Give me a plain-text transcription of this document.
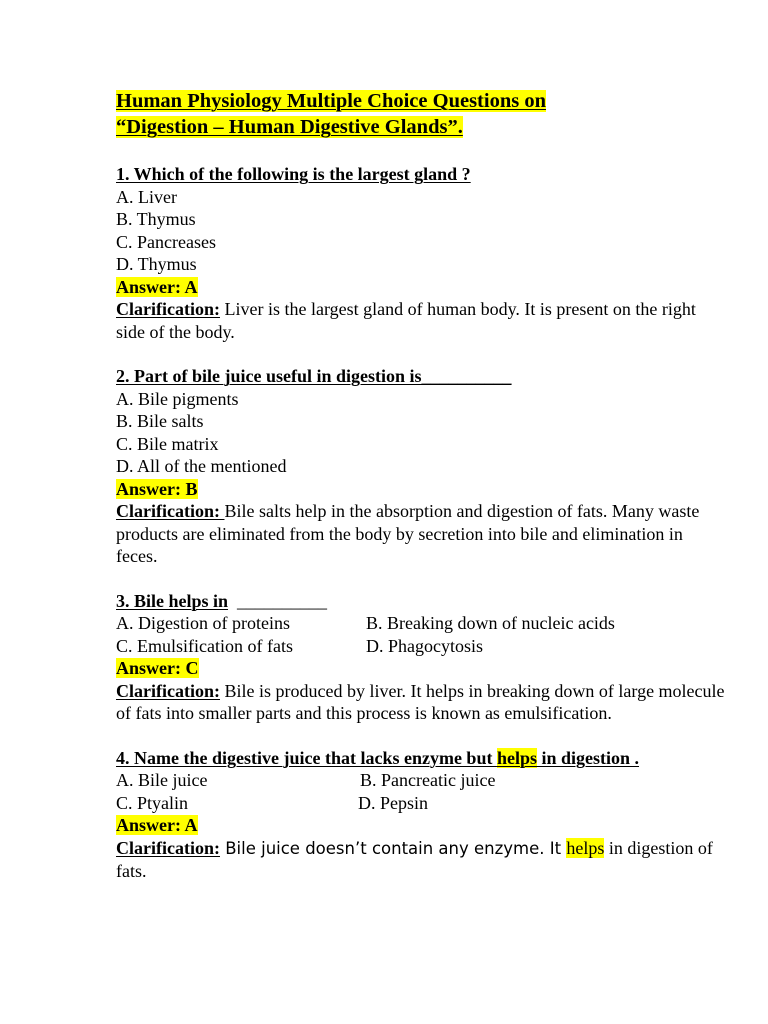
Human Physiology Multiple Choice Questions on
“Digestion – Human Digestive Glands”.
1. Which of the following is the largest gland ?
A. Liver
B. Thymus
C. Pancreases
D. Thymus
Answer: A
Clarification: Liver is the largest gland of human body. It is present on the right side of the body.
2. Part of bile juice useful in digestion is__________
A. Bile pigments
B. Bile salts
C. Bile matrix
D. All of the mentioned
Answer: B
Clarification: Bile salts help in the absorption and digestion of fats. Many waste products are eliminated from the body by secretion into bile and elimination in feces.
3. Bile helps in  __________
A. Digestion of proteins	B. Breaking down of nucleic acids
C. Emulsification of fats	D. Phagocytosis
Answer: C
Clarification: Bile is produced by liver. It helps in breaking down of large molecule of fats into smaller parts and this process is known as emulsification.
4. Name the digestive juice that lacks enzyme but helps in digestion .
A. Bile juice	B. Pancreatic juice
C. Ptyalin	D. Pepsin
Answer: A
Clarification: Bile juice doesn’t contain any enzyme. It helps in digestion of fats.
